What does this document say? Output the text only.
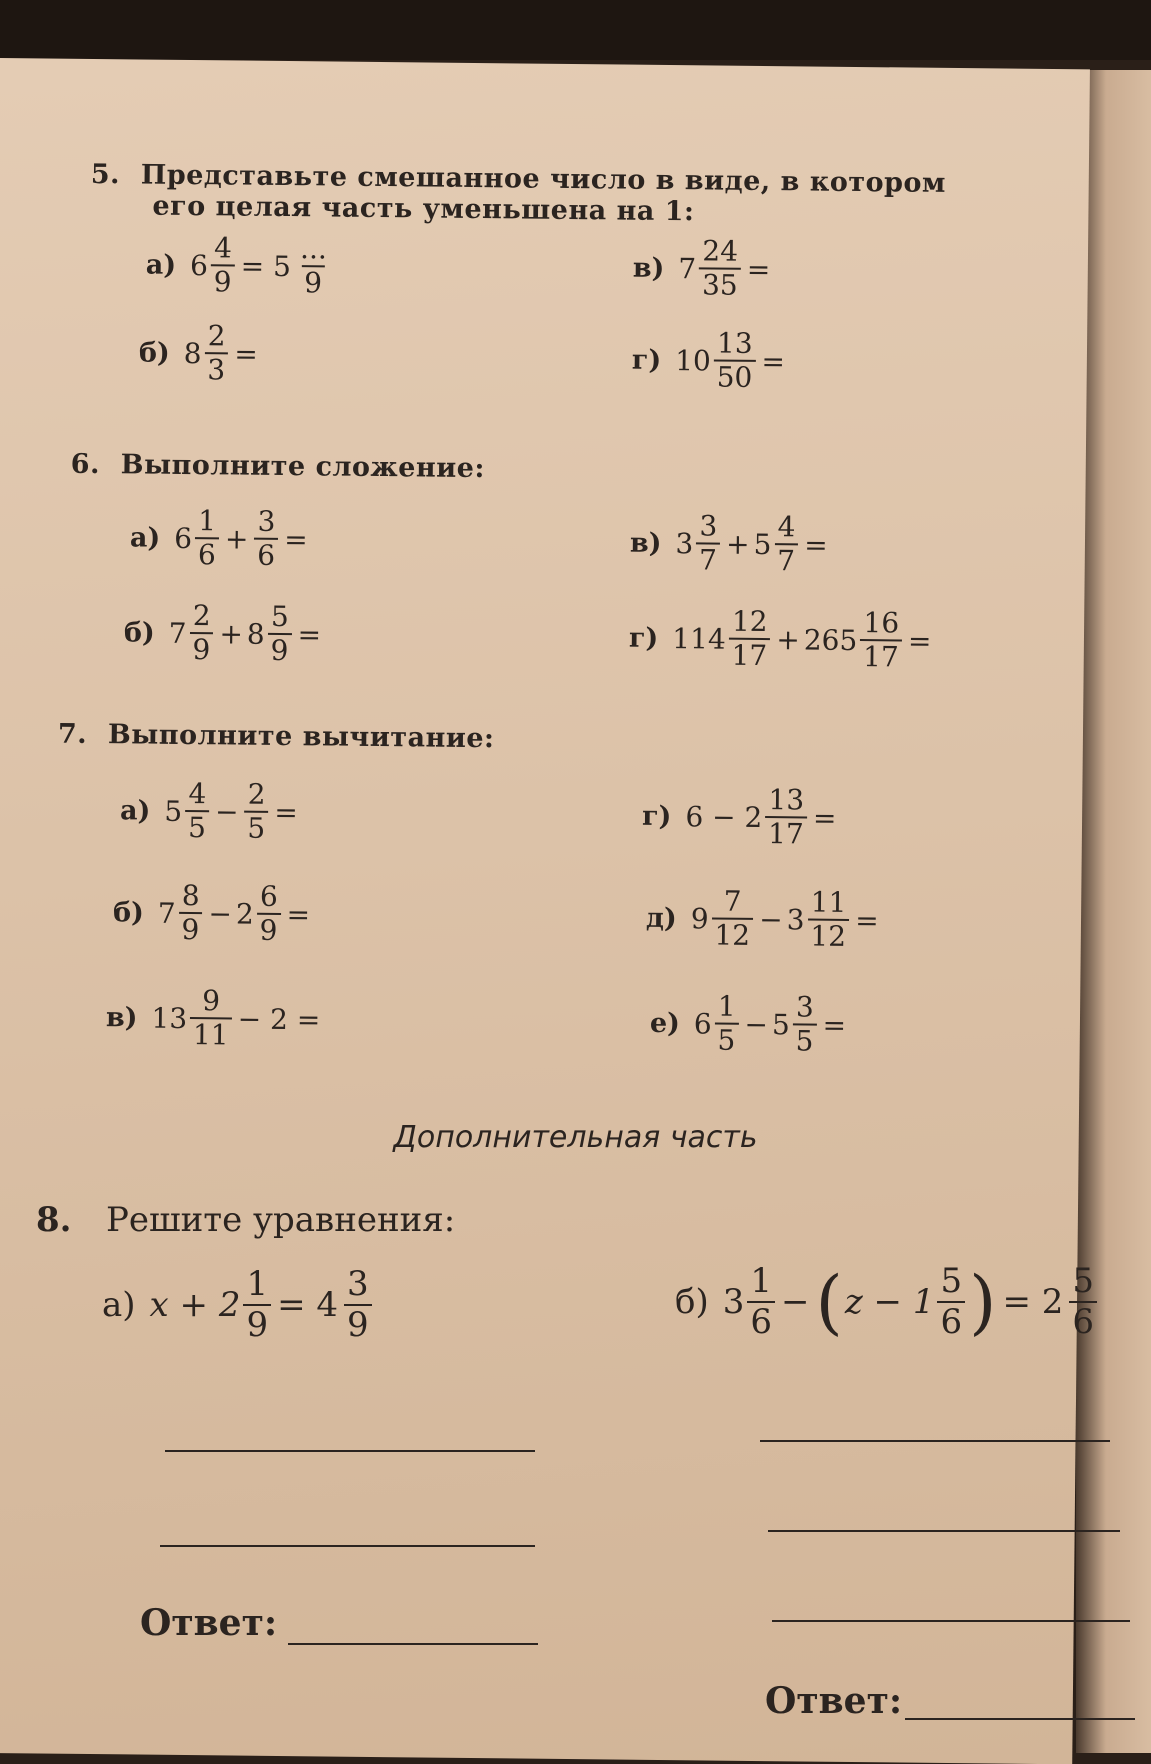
5. Представьте смешанное число в виде, в котором
его целая часть уменьшена на 1:
а) $6 \frac{4}{9} = 5 \frac{...}{9}$	в) $7 \frac{24}{35}$ =
б) $8 \frac{2}{3}$ =	г) $10 \frac{13}{50}$ =
6. Выполните сложение:
а) $6 \frac{1}{6} + \frac{3}{6}$ =	в) $3 \frac{3}{7} + 5 \frac{4}{7}$ =
б) $7 \frac{2}{9} + 8 \frac{5}{9}$ =	г) $114 \frac{12}{17} + 265 \frac{16}{17}$ =
7. Выполните вычитание:
а) $5 \frac{4}{5} - \frac{2}{5}$ =	г) $6 - 2 \frac{13}{17}$ =
б) $7 \frac{8}{9} - 2 \frac{6}{9}$ =	д) $9 \frac{7}{12} - 3 \frac{11}{12}$ =
в) $13 \frac{9}{11} - 2$ =	е) $6 \frac{1}{5} - 5 \frac{3}{5}$ =
Дополнительная часть
8. Решите уравнения:
а) $x + 2 \frac{1}{9} = 4 \frac{3}{9}$	б) $3 \frac{1}{6}$ − ( $z - 1 \frac{5}{6}$ ) = $2 \frac{5}{6}$
Ответ:
Ответ:
